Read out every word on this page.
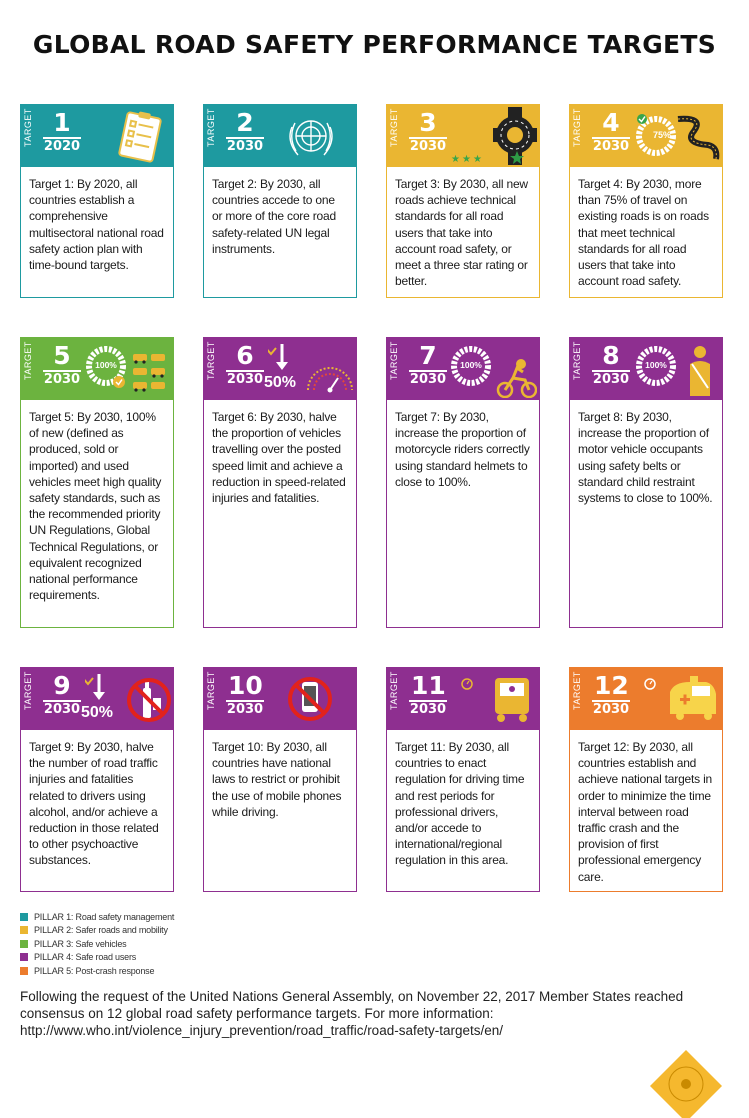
GLOBAL ROAD SAFETY PERFORMANCE TARGETS
TARGET 1
2020
Target 1: By 2020, all countries establish a comprehensive multisectoral national road safety action plan with time-bound targets.
TARGET 2
2030
Target 2: By 2030, all countries accede to one or more of the core road safety-related UN legal instruments.
TARGET 3
2030
★ ★ ★
Target 3: By 2030, all new roads achieve technical standards for all road users that take into account road safety, or meet a three star rating or better.
TARGET 4
2030
75%
Target 4: By 2030, more than 75% of travel on existing roads is on roads that meet technical standards for all road users that take into account road safety.
TARGET 5
2030
100%
Target 5: By 2030, 100% of new (defined as produced, sold or imported) and used vehicles meet high quality safety standards, such as the recommended priority UN Regulations, Global Technical Regulations, or equivalent recognized national performance requirements.
TARGET 6
2030 50%
Target 6: By 2030, halve the proportion of vehicles travelling over the posted speed limit and achieve a reduction in speed-related injuries and fatalities.
TARGET 7
2030
100%
Target 7: By 2030, increase the proportion of motorcycle riders correctly using standard helmets to close to 100%.
TARGET 8
2030
100%
Target 8: By 2030, increase the proportion of motor vehicle occupants using safety belts or standard child restraint systems to close to 100%.
TARGET 9
2030 50%
Target 9: By 2030, halve the number of road traffic injuries and fatalities related to drivers using alcohol, and/or achieve a reduction in those related to other psychoactive substances.
TARGET 10
2030
Target 10: By 2030, all countries have national laws to restrict or prohibit the use of mobile phones while driving.
TARGET 11
2030
Target 11: By 2030, all countries to enact regulation for driving time and rest periods for professional drivers, and/or accede to international/regional regulation in this area.
TARGET 12
2030
Target 12: By 2030, all countries establish and achieve national targets in order to minimize the time interval between road traffic crash and the provision of first professional emergency care.
PILLAR 1: Road safety management
PILLAR 2: Safer roads and mobility
PILLAR 3: Safe vehicles
PILLAR 4: Safe road users
PILLAR 5: Post-crash response
Following the request of the United Nations General Assembly, on November 22, 2017 Member States reached consensus on 12 global road safety performance targets. For more information: http://www.who.int/violence_injury_prevention/road_traffic/road-safety-targets/en/
